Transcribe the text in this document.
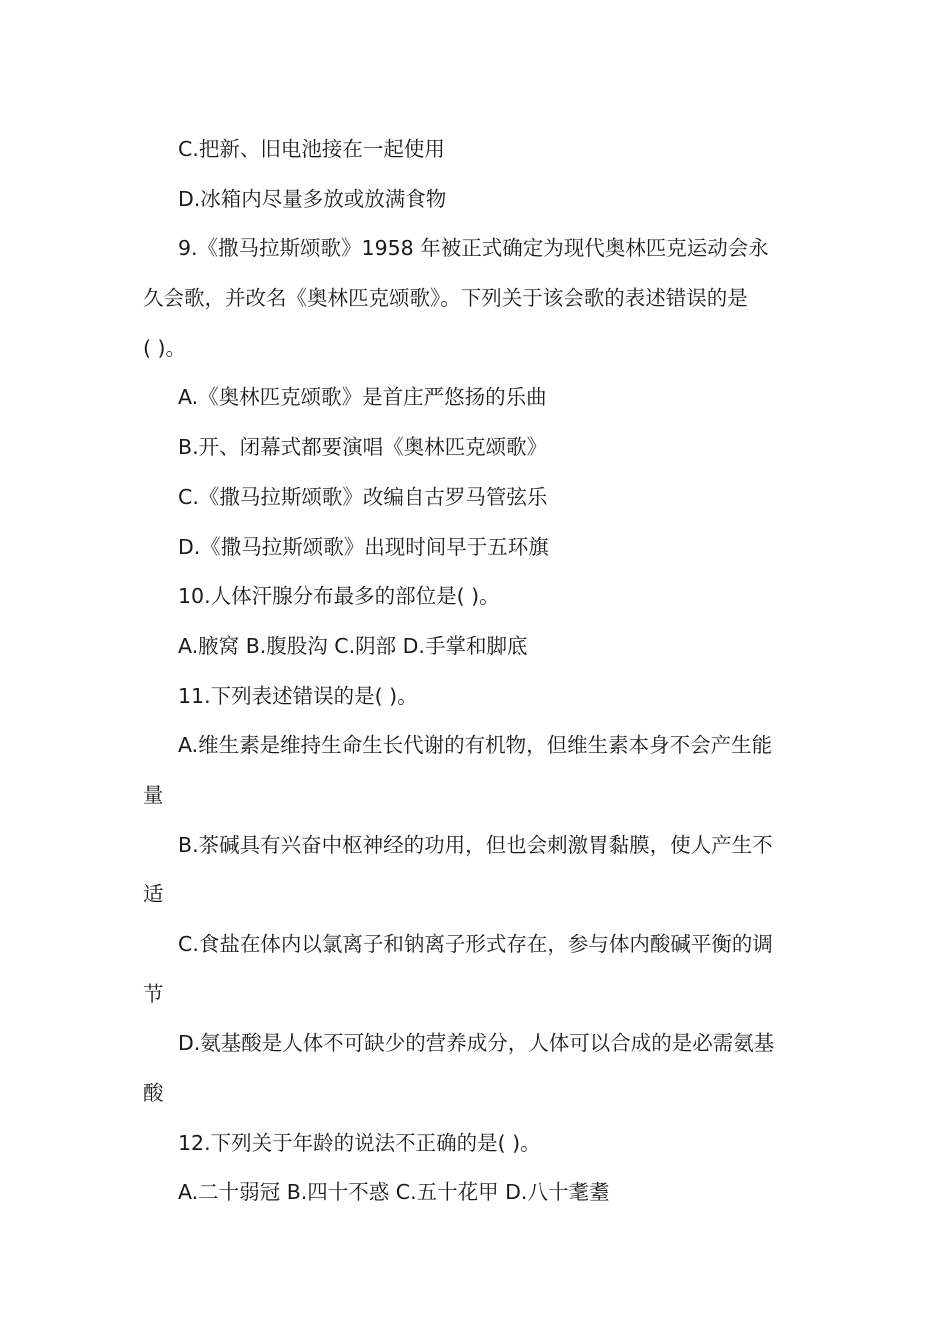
C.把新、旧电池接在一起使用
D.冰箱内尽量多放或放满食物
9.《撒马拉斯颂歌》1958 年被正式确定为现代奥林匹克运动会永
久会歌，并改名《奥林匹克颂歌》。下列关于该会歌的表述错误的是
( )。
A.《奥林匹克颂歌》是首庄严悠扬的乐曲
B.开、闭幕式都要演唱《奥林匹克颂歌》
C.《撒马拉斯颂歌》改编自古罗马管弦乐
D.《撒马拉斯颂歌》出现时间早于五环旗
10.人体汗腺分布最多的部位是( )。
A.腋窝 B.腹股沟 C.阴部 D.手掌和脚底
11.下列表述错误的是( )。
A.维生素是维持生命生长代谢的有机物，但维生素本身不会产生能
量
B.茶碱具有兴奋中枢神经的功用，但也会刺激胃黏膜，使人产生不
适
C.食盐在体内以氯离子和钠离子形式存在，参与体内酸碱平衡的调
节
D.氨基酸是人体不可缺少的营养成分，人体可以合成的是必需氨基
酸
12.下列关于年龄的说法不正确的是( )。
A.二十弱冠 B.四十不惑 C.五十花甲 D.八十耄耋
